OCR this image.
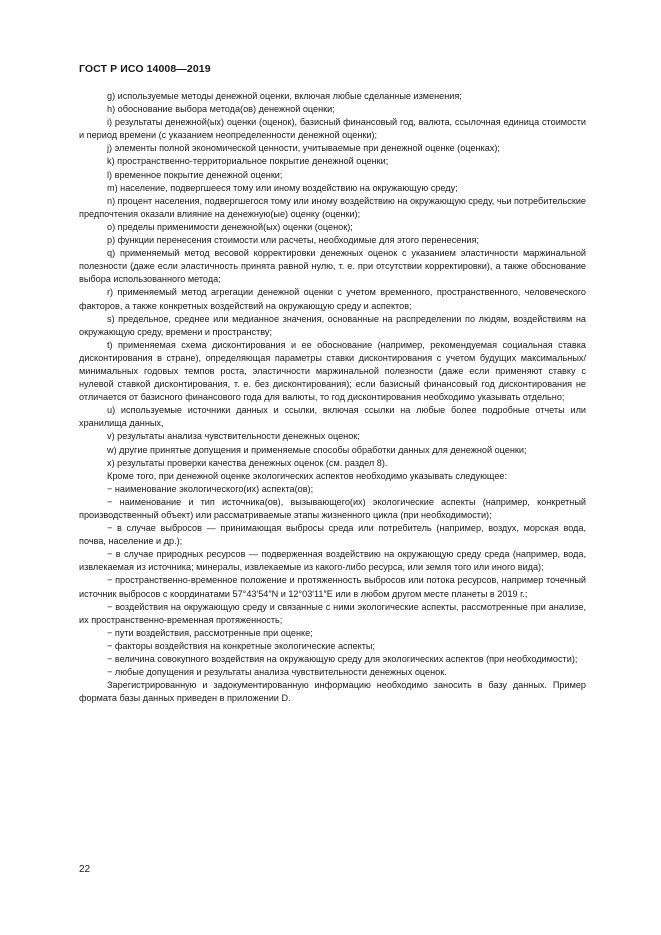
ГОСТ Р ИСО 14008—2019

g) используемые методы денежной оценки, включая любые сделанные изменения;

h) обоснование выбора метода(ов) денежной оценки;

i) результаты денежной(ых) оценки (оценок), базисный финансовый год, валюта, ссылочная единица стоимости и период времени (с указанием неопределенности денежной оценки);

j) элементы полной экономической ценности, учитываемые при денежной оценке (оценках);

k) пространственно-территориальное покрытие денежной оценки;

l) временное покрытие денежной оценки;

m) население, подвергшееся тому или иному воздействию на окружающую среду;

n) процент населения, подвергшегося тому или иному воздействию на окружающую среду, чьи потребительские предпочтения оказали влияние на денежную(ые) оценку (оценки);

о) пределы применимости денежной(ых) оценки (оценок);

р) функции перенесения стоимости или расчеты, необходимые для этого перенесения;

q) применяемый метод весовой корректировки денежных оценок с указанием эластичности маржинальной полезности (даже если эластичность принята равной нулю, т. е. при отсутствии корректировки), а также обоснование выбора использованного метода;

r) применяемый метод агрегации денежной оценки с учетом временного, пространственного, человеческого факторов, а также конкретных воздействий на окружающую среду и аспектов;

s) предельное, среднее или медианное значения, основанные на распределении по людям, воздействиям на окружающую среду, времени и пространству;

t) применяемая схема дисконтирования и ее обоснование (например, рекомендуемая социальная ставка дисконтирования в стране), определяющая параметры ставки дисконтирования с учетом будущих максимальных/минимальных годовых темпов роста, эластичности маржинальной полезности (даже если применяют ставку с нулевой ставкой дисконтирования, т. е. без дисконтирования); если базисный финансовый год дисконтирования не отличается от базисного финансового года для валюты, то год дисконтирования необходимо указывать отдельно;

u) используемые источники данных и ссылки, включая ссылки на любые более подробные отчеты или хранилища данных,

v) результаты анализа чувствительности денежных оценок;

w) другие принятые допущения и применяемые способы обработки данных для денежной оценки;

x) результаты проверки качества денежных оценок (см. раздел 8).

Кроме того, при денежной оценке экологических аспектов необходимо указывать следующее:

− наименование экологического(их) аспекта(ов);

− наименование и тип источника(ов), вызывающего(их) экологические аспекты (например, конкретный производственный объект) или рассматриваемые этапы жизненного цикла (при необходимости);

− в случае выбросов — принимающая выбросы среда или потребитель (например, воздух, морская вода, почва, население и др.);

− в случае природных ресурсов — подверженная воздействию на окружающую среду среда (например, вода, извлекаемая из источника; минералы, извлекаемые из какого-либо ресурса, или земля того или иного вида);

− пространственно-временное положение и протяженность выбросов или потока ресурсов, например точечный источник выбросов с координатами 57°43′54″N и 12°03′11″E или в любом другом месте планеты в 2019 г.;

− воздействия на окружающую среду и связанные с ними экологические аспекты, рассмотренные при анализе, их пространственно-временная протяженность;

− пути воздействия, рассмотренные при оценке;

− факторы воздействия на конкретные экологические аспекты;

− величина совокупного воздействия на окружающую среду для экологических аспектов (при необходимости);

− любые допущения и результаты анализа чувствительности денежных оценок.

Зарегистрированную и задокументированную информацию необходимо заносить в базу данных. Пример формата базы данных приведен в приложении D.

22
